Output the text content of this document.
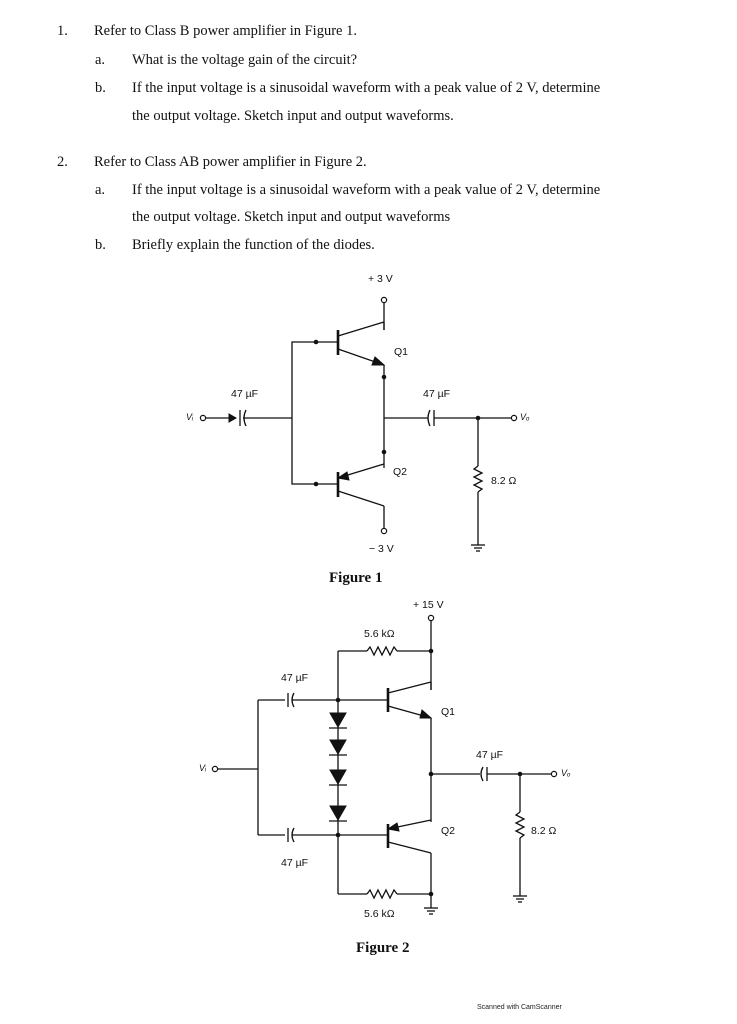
1. Refer to Class B power amplifier in Figure 1.
a. What is the voltage gain of the circuit?
b. If the input voltage is a sinusoidal waveform with a peak value of 2 V, determine
the output voltage. Sketch input and output waveforms.
2. Refer to Class AB power amplifier in Figure 2.
a. If the input voltage is a sinusoidal waveform with a peak value of 2 V, determine
the output voltage. Sketch input and output waveforms
b. Briefly explain the function of the diodes.
+ 3 V
Q1
Q2
47 µF	47 µF
Vᵢ	Vₒ
8.2 Ω
− 3 V
Figure 1
+ 15 V
5.6 kΩ
47 µF
Q1
Vᵢ
47 µF
Vₒ
Q2	8.2 Ω
47 µF
5.6 kΩ
Figure 2
Scanned with CamScanner
